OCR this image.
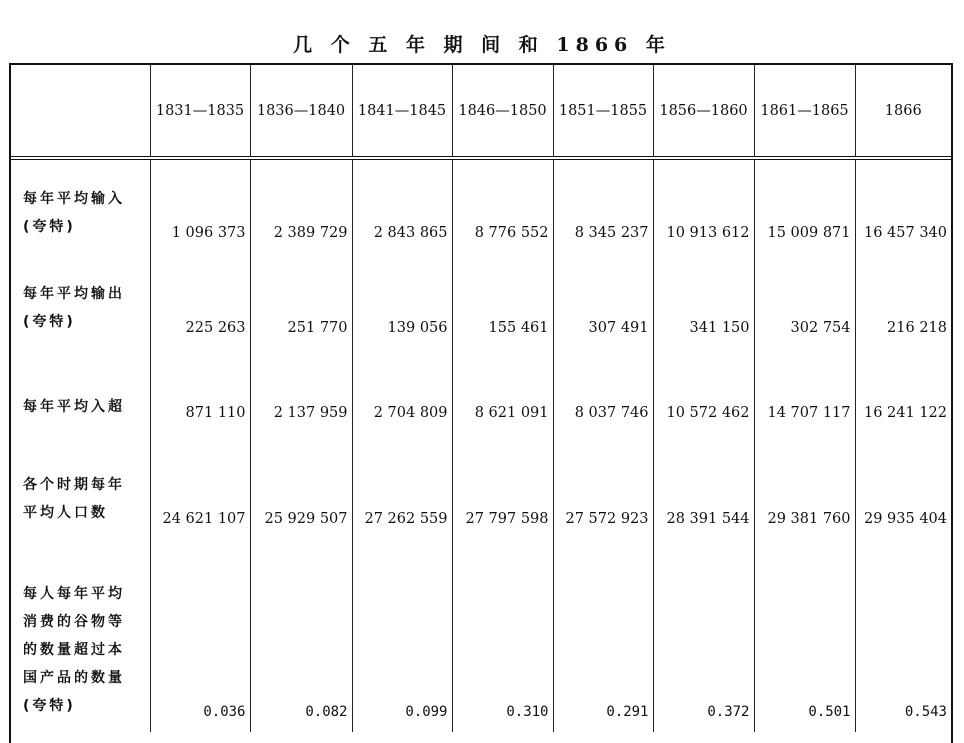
几 个 五 年 期 间 和 1866 年
	1831—1835	1836—1840	1841—1845	1846—1850	1851—1855	1856—1860	1861—1865	1866

每年平均输入
(夸特)	1 096 373	2 389 729	2 843 865	8 776 552	8 345 237	10 913 612	15 009 871	16 457 340

每年平均输出
(夸特)	225 263	251 770	139 056	155 461	307 491	341 150	302 754	216 218

每年平均入超	871 110	2 137 959	2 704 809	8 621 091	8 037 746	10 572 462	14 707 117	16 241 122

各个时期每年
平均人口数	24 621 107	25 929 507	27 262 559	27 797 598	27 572 923	28 391 544	29 381 760	29 935 404

每人每年平均
消费的谷物等
的数量超过本
国产品的数量
(夸特)	0.036	0.082	0.099	0.310	0.291	0.372	0.501	0.543
